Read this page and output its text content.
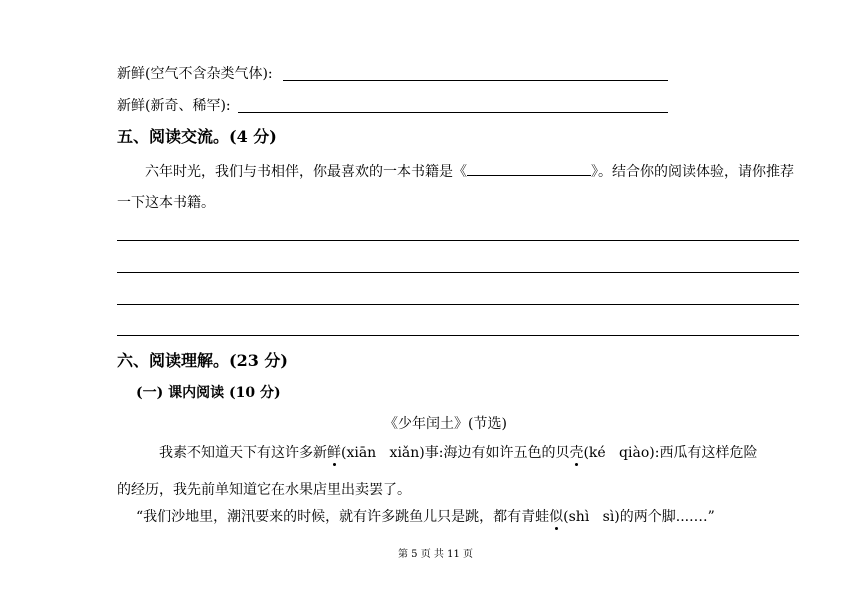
新鲜(空气不含杂类气体):
新鲜(新奇、稀罕):
五、阅读交流。(4 分)
六年时光，我们与书相伴，你最喜欢的一本书籍是《	》。结合你的阅读体验，请你推荐
一下这本书籍。
六、阅读理解。(23 分)
(一) 课内阅读 (10 分)
《少年闰土》(节选)
我素不知道天下有这许多新鲜(xiān   xiǎn)事:海边有如许五色的贝壳(ké   qiào):西瓜有这样危险
的经历，我先前单知道它在水果店里出卖罢了。
“我们沙地里，潮汛要来的时候，就有许多跳鱼儿只是跳，都有青蛙似(shì   sì)的两个脚....…”
第 5 页 共 11 页
